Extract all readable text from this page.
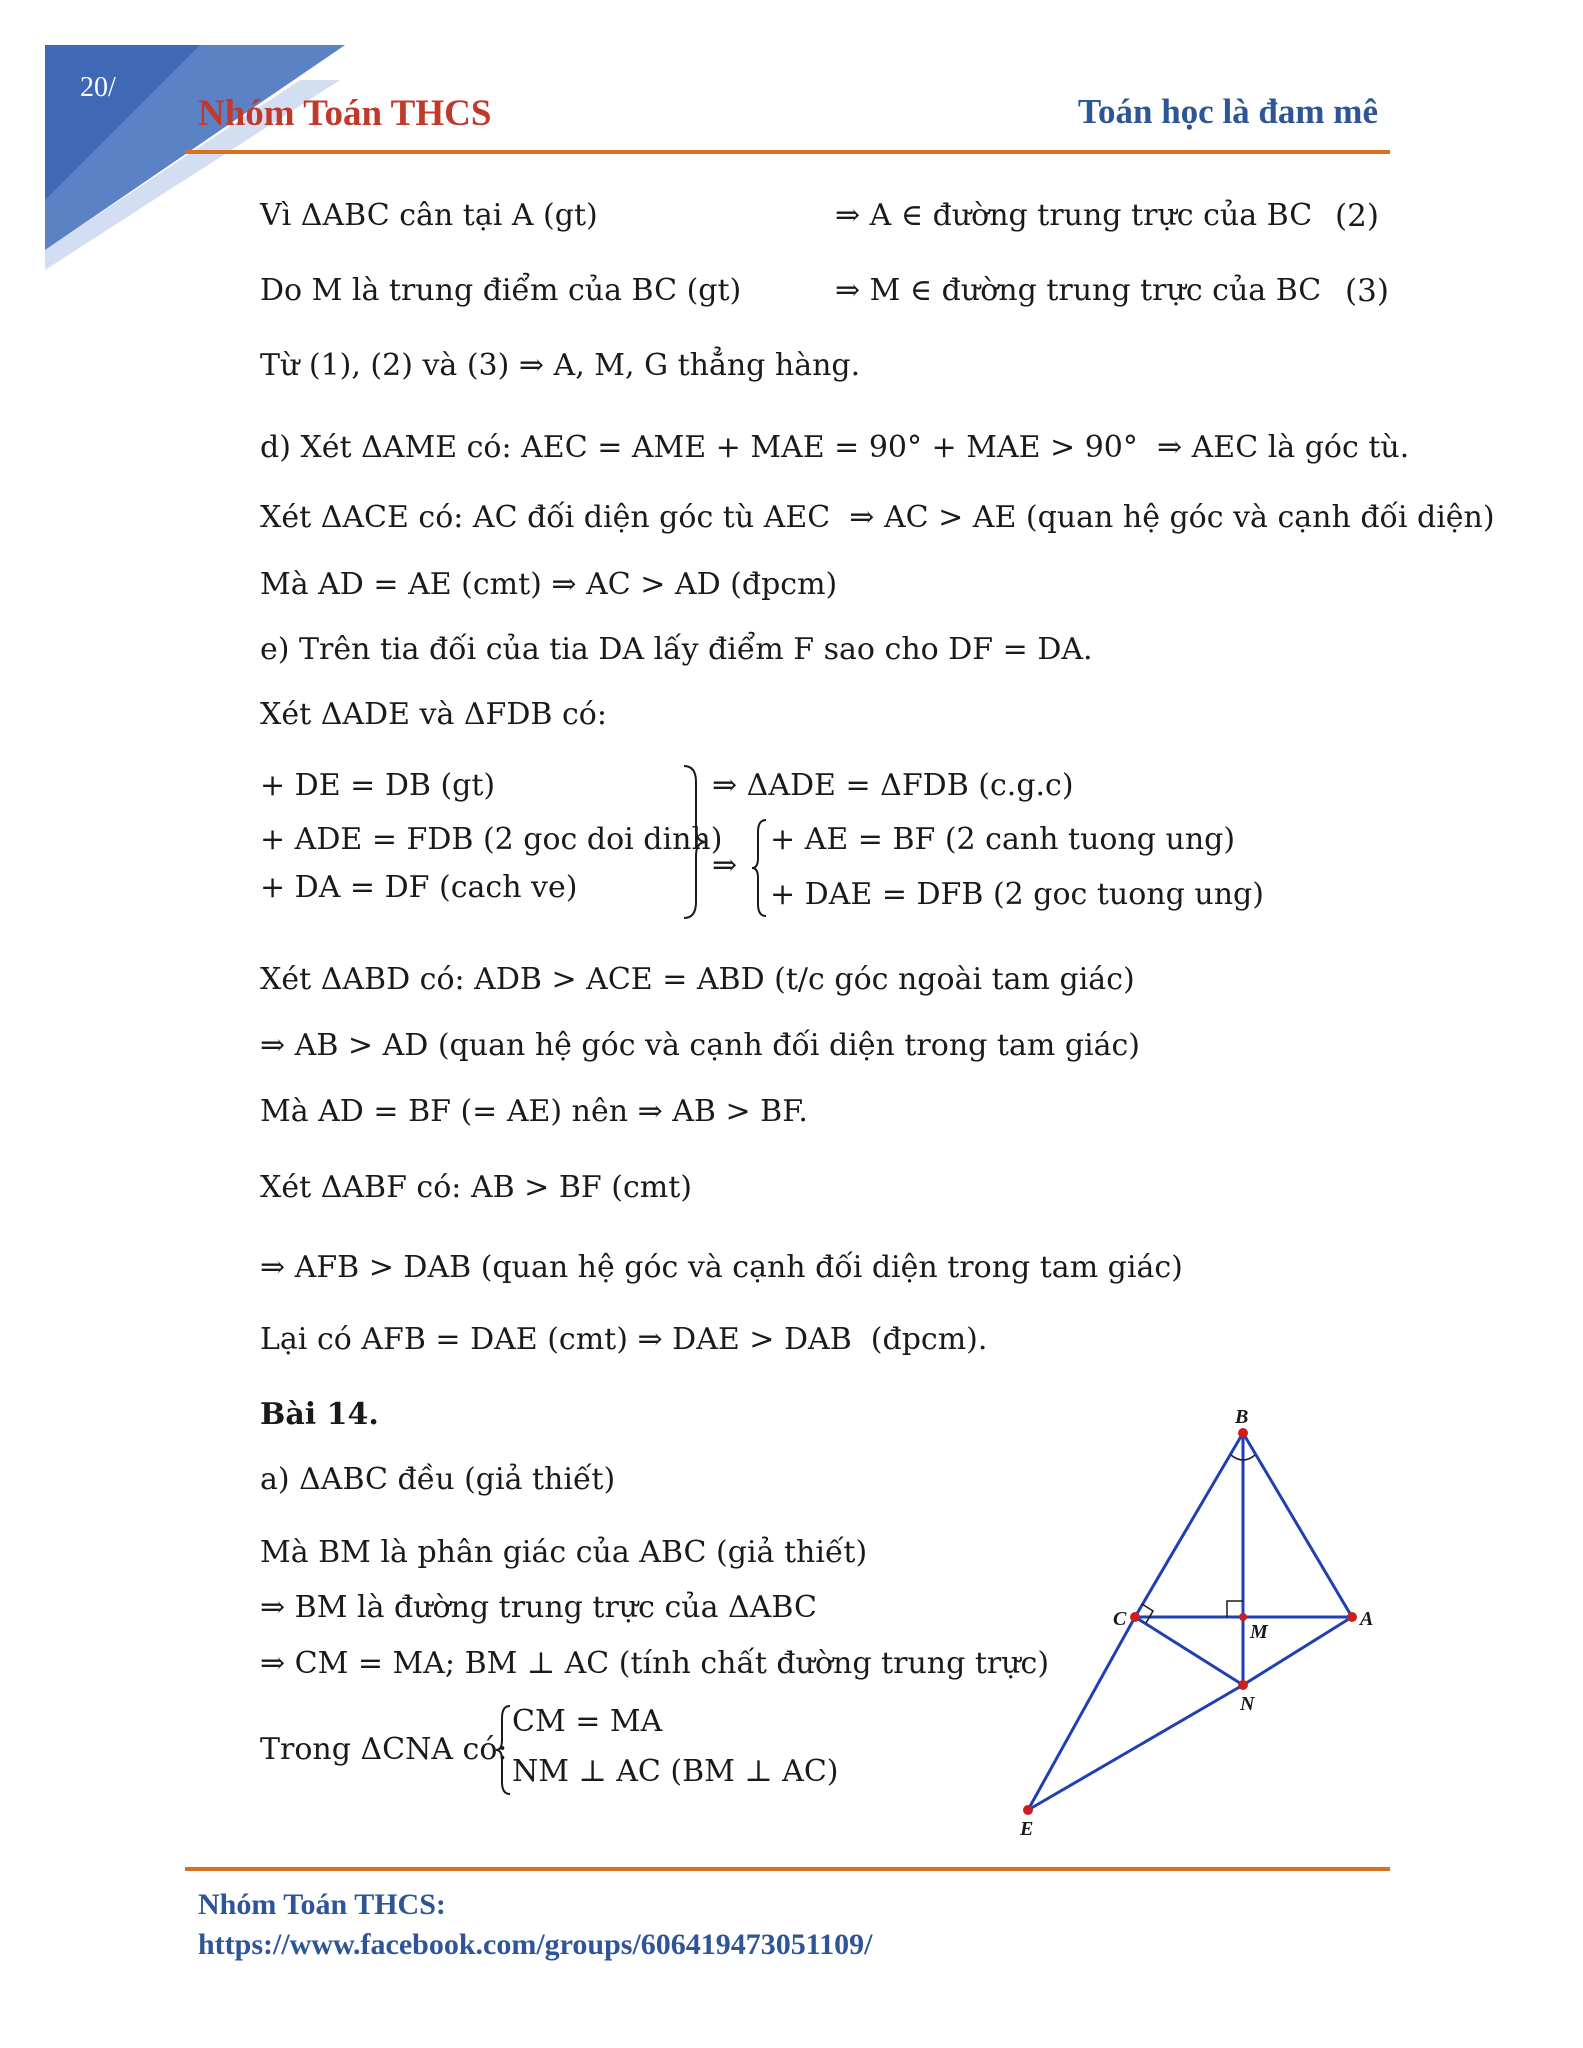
20/
Nhóm Toán THCS	Toán học là đam mê
Vì ΔABC cân tại A (gt)	⇒ A ∈ đường trung trực của BC (2)
Do M là trung điểm của BC (gt)	⇒ M ∈ đường trung trực của BC (3)
Từ (1), (2) và (3) ⇒ A, M, G thẳng hàng.
d) Xét ΔAME có: AEC = AME + MAE = 90° + MAE > 90°  ⇒ AEC là góc tù.
Xét ΔACE có: AC đối diện góc tù AEC  ⇒ AC > AE (quan hệ góc và cạnh đối diện)
Mà AD = AE (cmt) ⇒ AC > AD (đpcm)
e) Trên tia đối của tia DA lấy điểm F sao cho DF = DA.
Xét ΔADE và ΔFDB có:
+ DE = DB (gt)
+ ADE = FDB (2 goc doi dinh)
+ DA = DF (cach ve)
⇒ ΔADE = ΔFDB (c.g.c)
⇒
+ AE = BF (2 canh tuong ung)
+ DAE = DFB (2 goc tuong ung)
Xét ΔABD có: ADB > ACE = ABD (t/c góc ngoài tam giác)
⇒ AB > AD (quan hệ góc và cạnh đối diện trong tam giác)
Mà AD = BF (= AE) nên ⇒ AB > BF.
Xét ΔABF có: AB > BF (cmt)
⇒ AFB > DAB (quan hệ góc và cạnh đối diện trong tam giác)
Lại có AFB = DAE (cmt) ⇒ DAE > DAB  (đpcm).
Bài 14.
a) ΔABC đều (giả thiết)
Mà BM là phân giác của ABC (giả thiết)
⇒ BM là đường trung trực của ΔABC
⇒ CM = MA; BM ⊥ AC (tính chất đường trung trực)
Trong ΔCNA có:
CM = MA
NM ⊥ AC (BM ⊥ AC)
B
C
M
A
N
E
Nhóm Toán THCS:
https://www.facebook.com/groups/606419473051109/
